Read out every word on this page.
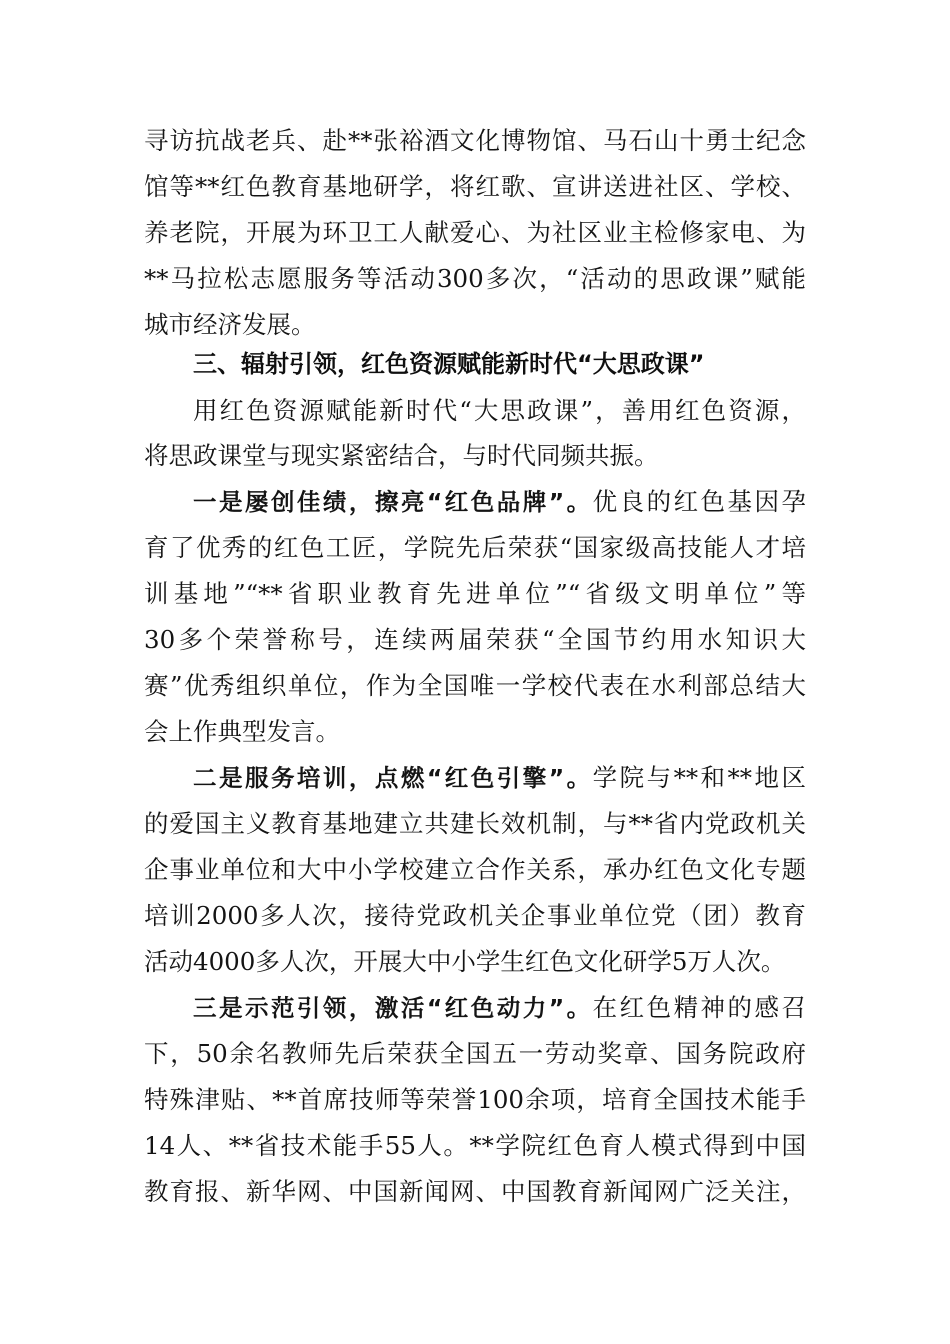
寻访抗战老兵、赴**张裕酒文化博物馆、马石山十勇士纪念
馆等**红色教育基地研学，将红歌、宣讲送进社区、学校、
养老院，开展为环卫工人献爱心、为社区业主检修家电、为
**马拉松志愿服务等活动300多次，“活动的思政课”赋能
城市经济发展。
三、辐射引领，红色资源赋能新时代“大思政课”
用红色资源赋能新时代“大思政课”，善用红色资源，
将思政课堂与现实紧密结合，与时代同频共振。
一是屡创佳绩，擦亮“红色品牌”。优良的红色基因孕
育了优秀的红色工匠，学院先后荣获“国家级高技能人才培
训基地”“**省职业教育先进单位”“省级文明单位”等
30多个荣誉称号，连续两届荣获“全国节约用水知识大
赛”优秀组织单位，作为全国唯一学校代表在水利部总结大
会上作典型发言。
二是服务培训，点燃“红色引擎”。学院与**和**地区
的爱国主义教育基地建立共建长效机制，与**省内党政机关
企事业单位和大中小学校建立合作关系，承办红色文化专题
培训2000多人次，接待党政机关企事业单位党（团）教育
活动4000多人次，开展大中小学生红色文化研学5万人次。
三是示范引领，激活“红色动力”。在红色精神的感召
下，50余名教师先后荣获全国五一劳动奖章、国务院政府
特殊津贴、**首席技师等荣誉100余项，培育全国技术能手
14人、**省技术能手55人。**学院红色育人模式得到中国
教育报、新华网、中国新闻网、中国教育新闻网广泛关注，
